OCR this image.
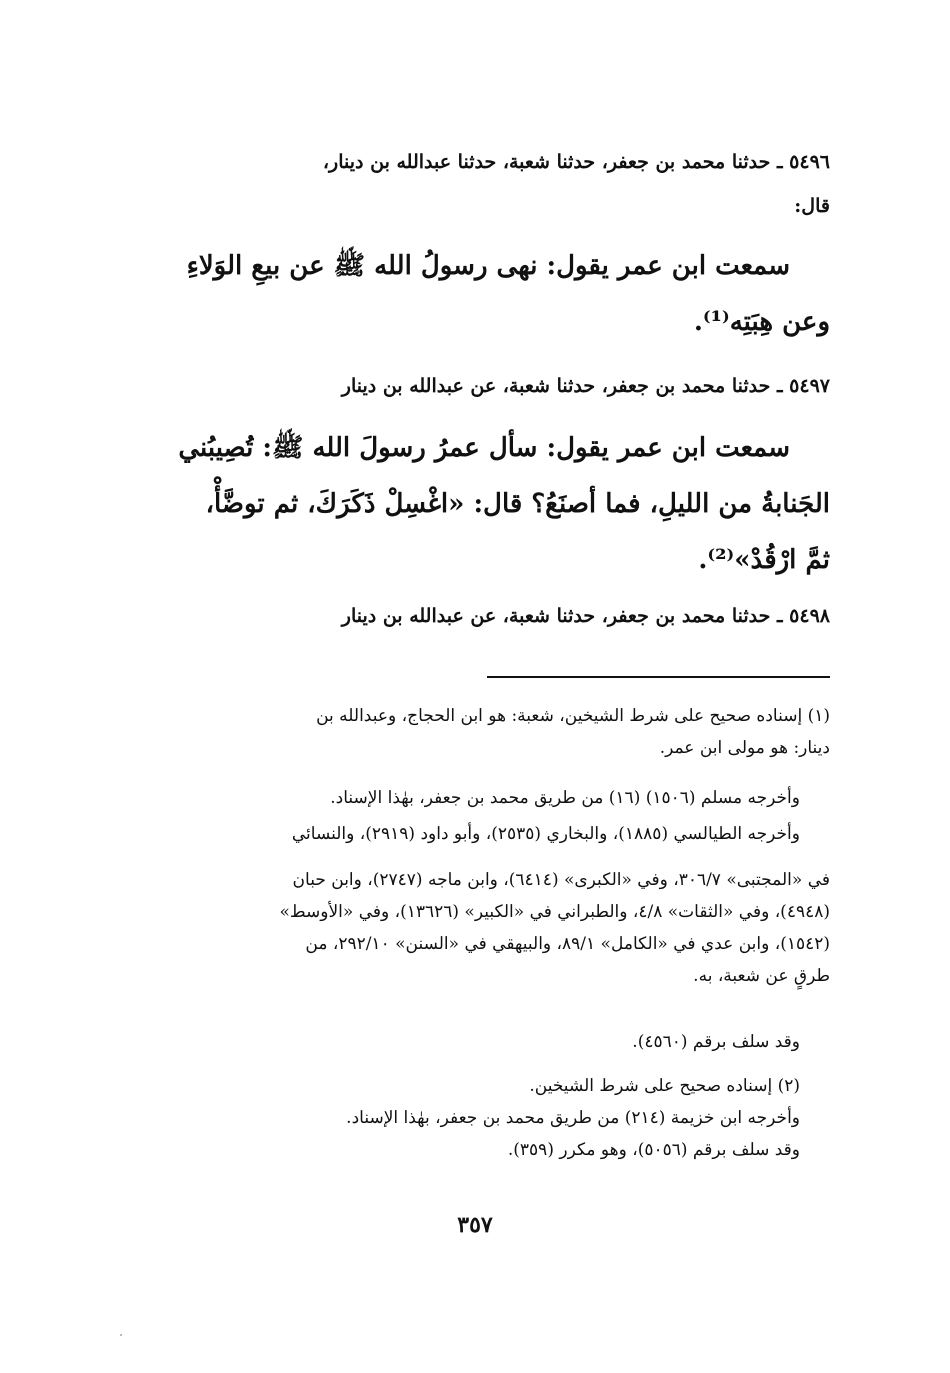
٥٤٩٦ ـ حدثنا محمد بن جعفر، حدثنا شعبة، حدثنا عبدالله بن دينار،
قال:
سمعت ابن عمر يقول: نهى رسولُ الله ﷺ عن بيعِ الوَلاءِ
وعن هِبَتِه⁽¹⁾.
٥٤٩٧ ـ حدثنا محمد بن جعفر، حدثنا شعبة، عن عبدالله بن دينار
سمعت ابن عمر يقول: سأل عمرُ رسولَ الله ﷺ: تُصِيبُني
الجَنابةُ من الليلِ، فما أصنَعُ؟ قال: «اغْسِلْ ذَكَرَكَ، ثم توضَّأْ،
ثمَّ ارْقُدْ»⁽²⁾.
٥٤٩٨ ـ حدثنا محمد بن جعفر، حدثنا شعبة، عن عبدالله بن دينار
(١) إسناده صحيح على شرط الشيخين، شعبة: هو ابن الحجاج، وعبدالله بن
دينار: هو مولى ابن عمر.
وأخرجه مسلم (١٥٠٦) (١٦) من طريق محمد بن جعفر، بهٰذا الإسناد.
وأخرجه الطيالسي (١٨٨٥)، والبخاري (٢٥٣٥)، وأبو داود (٢٩١٩)، والنسائي
في «المجتبى» ٣٠٦/٧، وفي «الكبرى» (٦٤١٤)، وابن ماجه (٢٧٤٧)، وابن حبان
(٤٩٤٨)، وفي «الثقات» ٤/٨، والطبراني في «الكبير» (١٣٦٢٦)، وفي «الأوسط»
(١٥٤٢)، وابن عدي في «الكامل» ٨٩/١، والبيهقي في «السنن» ٢٩٢/١٠، من
طرقٍ عن شعبة، به.
وقد سلف برقم (٤٥٦٠).
(٢) إسناده صحيح على شرط الشيخين.
وأخرجه ابن خزيمة (٢١٤) من طريق محمد بن جعفر، بهٰذا الإسناد.
وقد سلف برقم (٥٠٥٦)، وهو مكرر (٣٥٩).
٣٥٧
